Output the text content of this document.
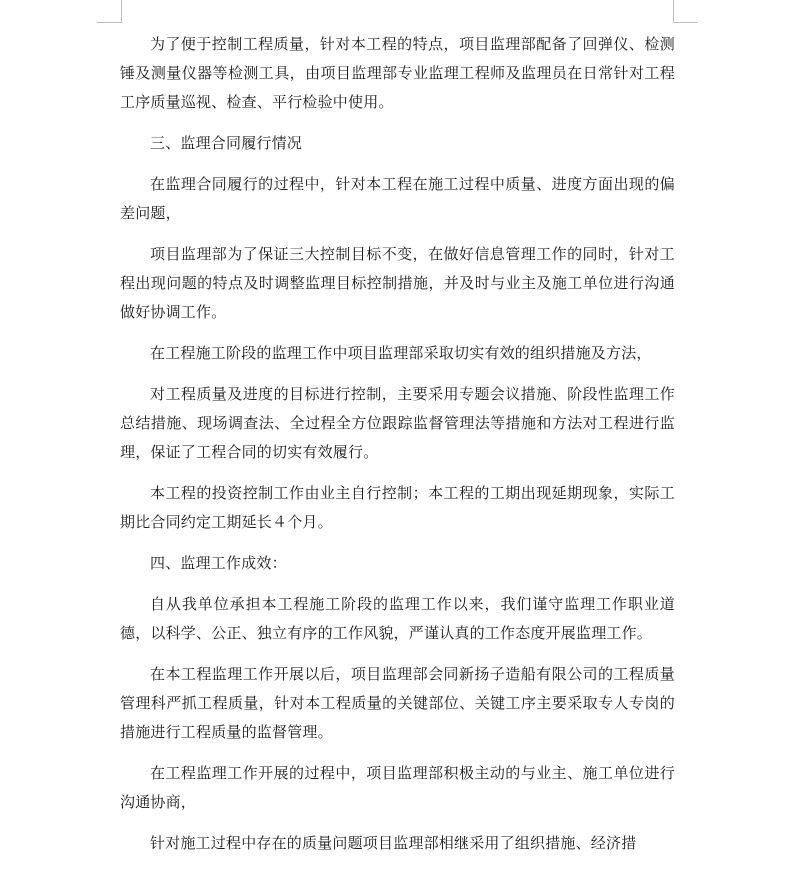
为了便于控制工程质量，针对本工程的特点，项目监理部配备了回弹仪、检测锤及测量仪器等检测工具，由项目监理部专业监理工程师及监理员在日常针对工程工序质量巡视、检查、平行检验中使用。

三、监理合同履行情况

在监理合同履行的过程中，针对本工程在施工过程中质量、进度方面出现的偏差问题，

项目监理部为了保证三大控制目标不变，在做好信息管理工作的同时，针对工程出现问题的特点及时调整监理目标控制措施，并及时与业主及施工单位进行沟通做好协调工作。

在工程施工阶段的监理工作中项目监理部采取切实有效的组织措施及方法，

对工程质量及进度的目标进行控制，主要采用专题会议措施、阶段性监理工作总结措施、现场调查法、全过程全方位跟踪监督管理法等措施和方法对工程进行监理，保证了工程合同的切实有效履行。

本工程的投资控制工作由业主自行控制；本工程的工期出现延期现象，实际工期比合同约定工期延长４个月。

四、监理工作成效：

自从我单位承担本工程施工阶段的监理工作以来，我们谨守监理工作职业道德，以科学、公正、独立有序的工作风貌，严谨认真的工作态度开展监理工作。

在本工程监理工作开展以后，项目监理部会同新扬子造船有限公司的工程质量管理科严抓工程质量，针对本工程质量的关键部位、关键工序主要采取专人专岗的措施进行工程质量的监督管理。

在工程监理工作开展的过程中，项目监理部积极主动的与业主、施工单位进行沟通协商，

针对施工过程中存在的质量问题项目监理部相继采用了组织措施、经济措
